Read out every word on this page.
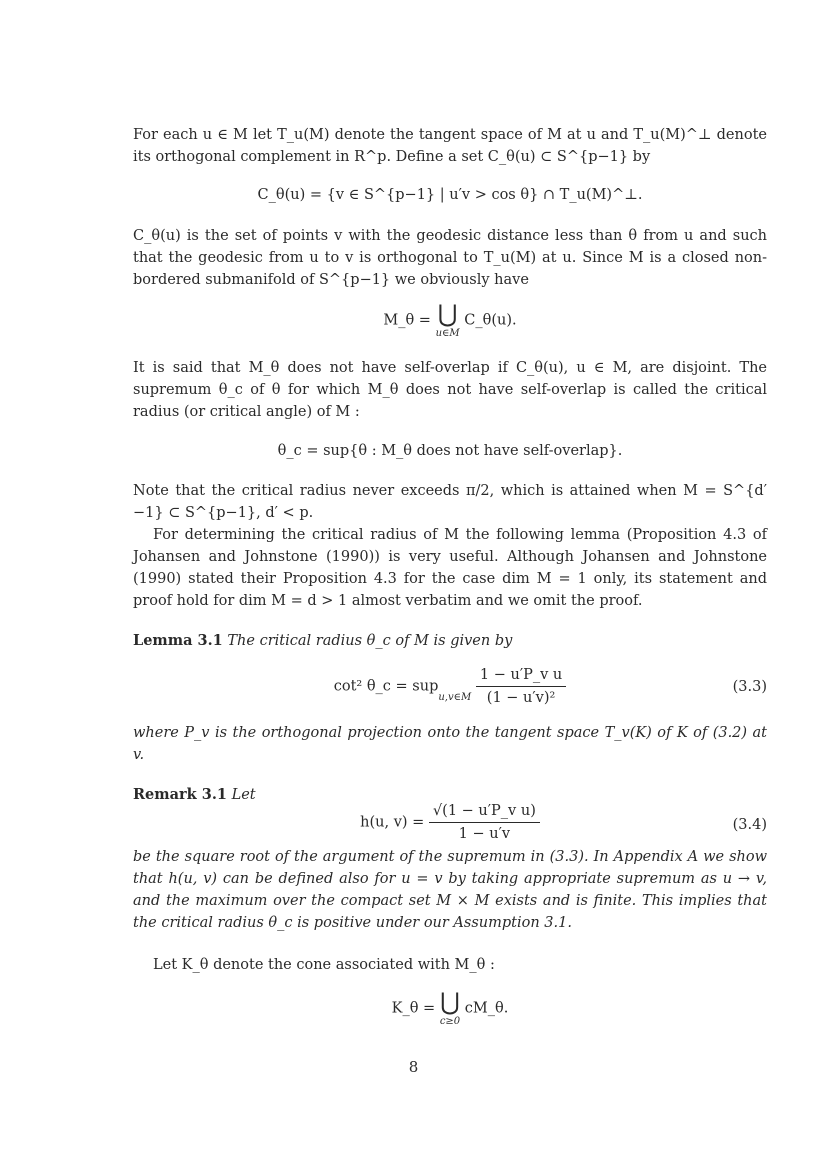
For each u ∈ M let T_u(M) denote the tangent space of M at u and T_u(M)^⊥ denote its orthogonal complement in R^p. Define a set C_θ(u) ⊂ S^{p−1} by
C_θ(u) = {v ∈ S^{p−1} | u′v > cos θ} ∩ T_u(M)^⊥.
C_θ(u) is the set of points v with the geodesic distance less than θ from u and such that the geodesic from u to v is orthogonal to T_u(M) at u. Since M is a closed non-bordered submanifold of S^{p−1} we obviously have
M_θ = ⋃
u∈M
C_θ(u).
It is said that M_θ does not have self-overlap if C_θ(u), u ∈ M, are disjoint. The supremum θ_c of θ for which M_θ does not have self-overlap is called the critical radius (or critical angle) of M :
θ_c = sup{θ : M_θ does not have self-overlap}.
Note that the critical radius never exceeds π/2, which is attained when M = S^{d′−1} ⊂ S^{p−1}, d′ < p.
For determining the critical radius of M the following lemma (Proposition 4.3 of Johansen and Johnstone (1990)) is very useful. Although Johansen and Johnstone (1990) stated their Proposition 4.3 for the case dim M = 1 only, its statement and proof hold for dim M = d > 1 almost verbatim and we omit the proof.
Lemma 3.1 The critical radius θ_c of M is given by
cot² θ_c = sup
u,v∈M
$\frac{\text{1 − u′P\_v u}}{\text{(1 − u′v)²}}$	(3.3)
where P_v is the orthogonal projection onto the tangent space T_v(K) of K of (3.2) at v.
Remark 3.1 Let
h(u, $v) = \frac{\text{√(1 − u′P\_v u)}}{1 - u'v}$	(3.4)
be the square root of the argument of the supremum in (3.3). In Appendix A we show that h(u, v) can be defined also for u = v by taking appropriate supremum as u → v, and the maximum over the compact set M × M exists and is finite. This implies that the critical radius θ_c is positive under our Assumption 3.1.
Let K_θ denote the cone associated with M_θ :
K_θ = ⋃
c≥0
cM_θ.
8
